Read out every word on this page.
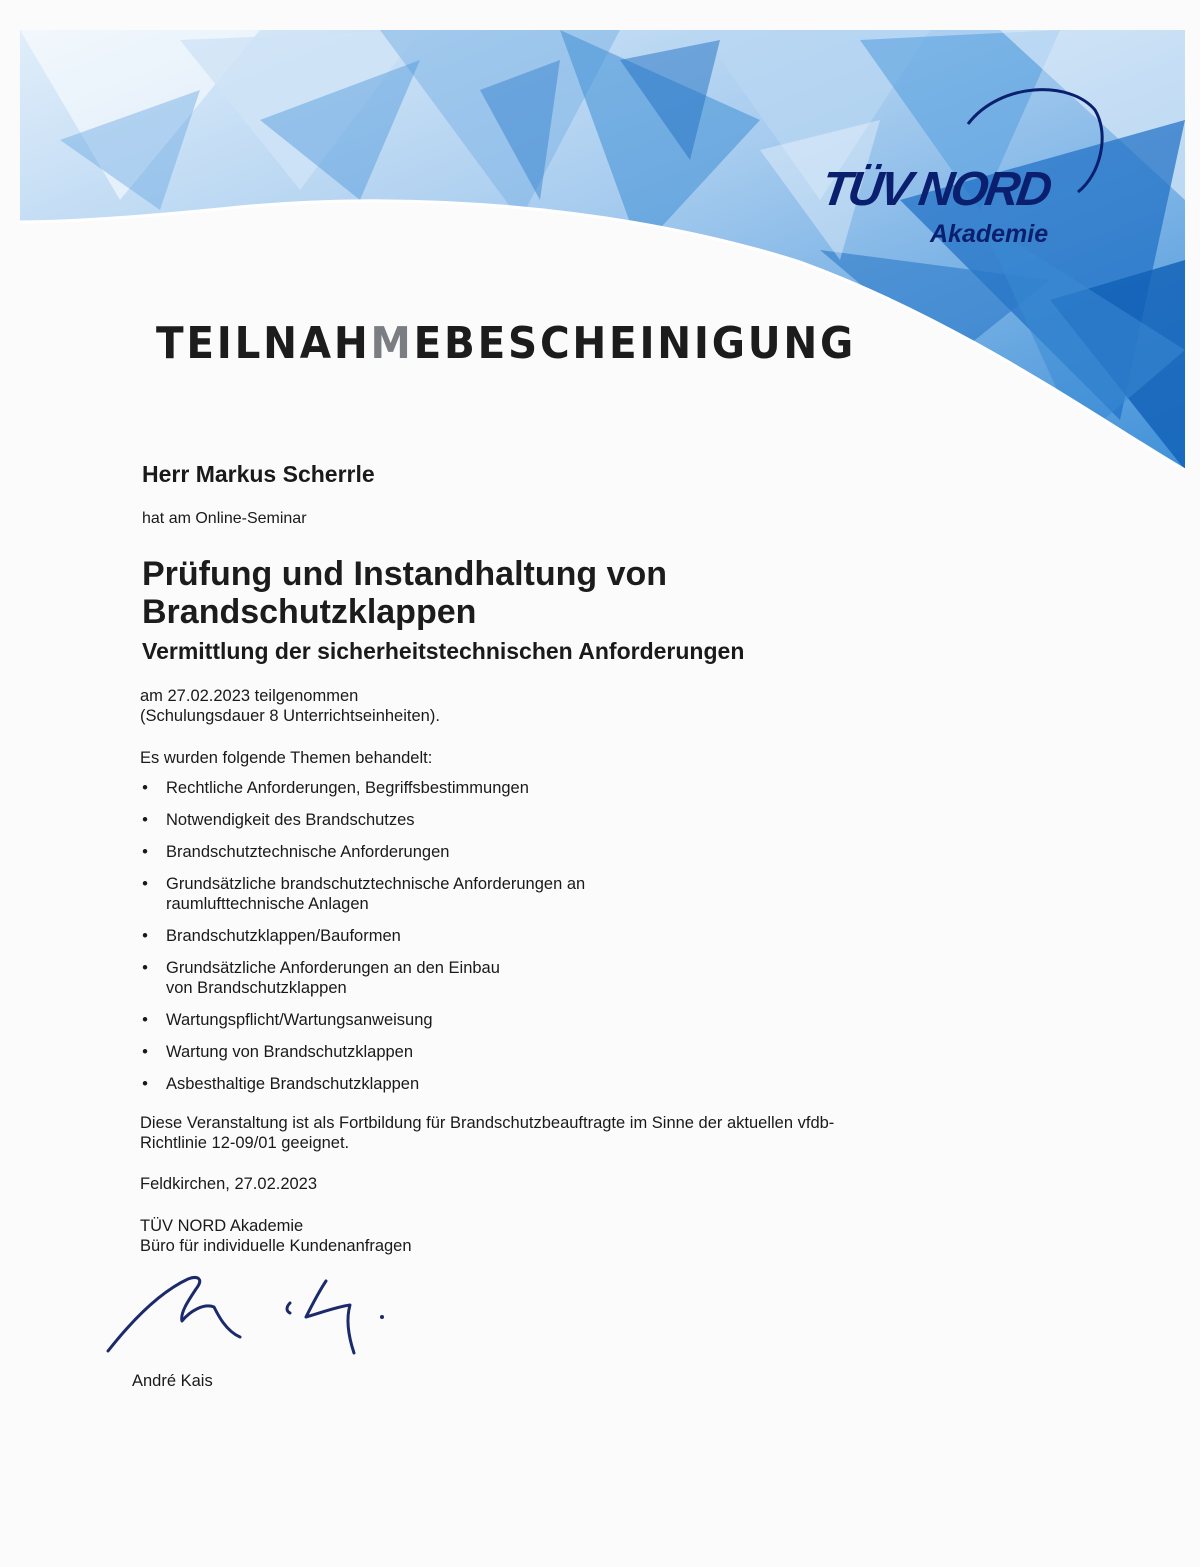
TÜV NORD
Akademie
TEILNAHMEBESCHEINIGUNG
Herr Markus Scherrle
hat am Online-Seminar
Prüfung und Instandhaltung von
Brandschutzklappen
Vermittlung der sicherheitstechnischen Anforderungen
am 27.02.2023 teilgenommen
(Schulungsdauer 8 Unterrichtseinheiten).
Es wurden folgende Themen behandelt:
• Rechtliche Anforderungen, Begriffsbestimmungen
• Notwendigkeit des Brandschutzes
• Brandschutztechnische Anforderungen
• Grundsätzliche brandschutztechnische Anforderungen an
raumlufttechnische Anlagen
• Brandschutzklappen/Bauformen
• Grundsätzliche Anforderungen an den Einbau
von Brandschutzklappen
• Wartungspflicht/Wartungsanweisung
• Wartung von Brandschutzklappen
• Asbesthaltige Brandschutzklappen
Diese Veranstaltung ist als Fortbildung für Brandschutzbeauftragte im Sinne der aktuellen vfdb-
Richtlinie 12-09/01 geeignet.
Feldkirchen, 27.02.2023
TÜV NORD Akademie
Büro für individuelle Kundenanfragen
André Kais
